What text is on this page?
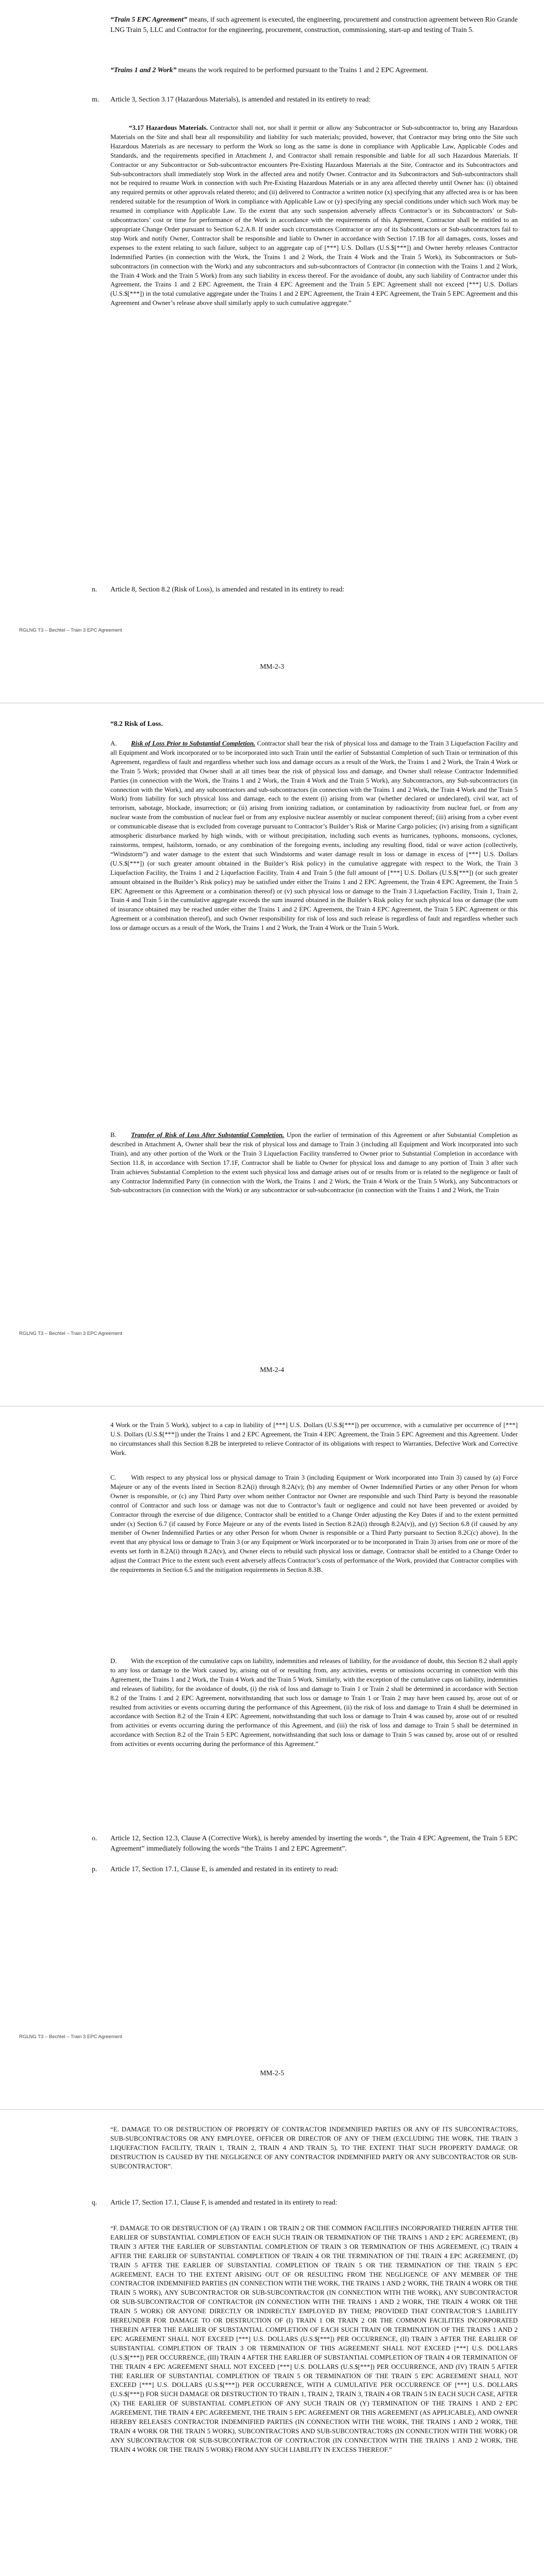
“Train 5 EPC Agreement” means, if such agreement is executed, the engineering, procurement and construction agreement between Rio Grande LNG Train 5, LLC and Contractor for the engineering, procurement, construction, commissioning, start-up and testing of Train 5.
“Trains 1 and 2 Work” means the work required to be performed pursuant to the Trains 1 and 2 EPC Agreement.
m. Article 3, Section 3.17 (Hazardous Materials), is amended and restated in its entirety to read:
“3.17 Hazardous Materials. Contractor shall not, nor shall it permit or allow any Subcontractor or Sub-subcontractor to, bring any Hazardous Materials on the Site and shall bear all responsibility and liability for such materials; provided, however, that Contractor may bring onto the Site such Hazardous Materials as are necessary to perform the Work so long as the same is done in compliance with Applicable Law, Applicable Codes and Standards, and the requirements specified in Attachment J, and Contractor shall remain responsible and liable for all such Hazardous Materials. If Contractor or any Subcontractor or Sub-subcontractor encounters Pre-Existing Hazardous Materials at the Site, Contractor and its Subcontractors and Sub-subcontractors shall immediately stop Work in the affected area and notify Owner. Contractor and its Subcontractors and Sub-subcontractors shall not be required to resume Work in connection with such Pre-Existing Hazardous Materials or in any area affected thereby until Owner has: (i) obtained any required permits or other approvals related thereto; and (ii) delivered to Contractor a written notice (x) specifying that any affected area is or has been rendered suitable for the resumption of Work in compliance with Applicable Law or (y) specifying any special conditions under which such Work may be resumed in compliance with Applicable Law. To the extent that any such suspension adversely affects Contractor’s or its Subcontractors’ or Sub-subcontractors’ cost or time for performance of the Work in accordance with the requirements of this Agreement, Contractor shall be entitled to an appropriate Change Order pursuant to Section 6.2.A.8. If under such circumstances Contractor or any of its Subcontractors or Sub-subcontractors fail to stop Work and notify Owner, Contractor shall be responsible and liable to Owner in accordance with Section 17.1B for all damages, costs, losses and expenses to the extent relating to such failure, subject to an aggregate cap of [***] U.S. Dollars (U.S.$[***]) and Owner hereby releases Contractor Indemnified Parties (in connection with the Work, the Trains 1 and 2 Work, the Train 4 Work and the Train 5 Work), its Subcontractors or Sub-subcontractors (in connection with the Work) and any subcontractors and sub-subcontractors of Contractor (in connection with the Trains 1 and 2 Work, the Train 4 Work and the Train 5 Work) from any such liability in excess thereof. For the avoidance of doubt, any such liability of Contractor under this Agreement, the Trains 1 and 2 EPC Agreement, the Train 4 EPC Agreement and the Train 5 EPC Agreement shall not exceed [***] U.S. Dollars (U.S.$[***]) in the total cumulative aggregate under the Trains 1 and 2 EPC Agreement, the Train 4 EPC Agreement, the Train 5 EPC Agreement and this Agreement and Owner’s release above shall similarly apply to such cumulative aggregate.”
n. Article 8, Section 8.2 (Risk of Loss), is amended and restated in its entirety to read:
RGLNG T3 – Bechtel – Train 3 EPC Agreement
MM-2-3
“8.2 Risk of Loss.
A. Risk of Loss Prior to Substantial Completion. Contractor shall bear the risk of physical loss and damage to the Train 3 Liquefaction Facility and all Equipment and Work incorporated or to be incorporated into such Train until the earlier of Substantial Completion of such Train or termination of this Agreement, regardless of fault and regardless whether such loss and damage occurs as a result of the Work, the Trains 1 and 2 Work, the Train 4 Work or the Train 5 Work; provided that Owner shall at all times bear the risk of physical loss and damage, and Owner shall release Contractor Indemnified Parties (in connection with the Work, the Trains 1 and 2 Work, the Train 4 Work and the Train 5 Work), any Subcontractors, any Sub-subcontractors (in connection with the Work), and any subcontractors and sub-subcontractors (in connection with the Trains 1 and 2 Work, the Train 4 Work and the Train 5 Work) from liability for such physical loss and damage, each to the extent (i) arising from war (whether declared or undeclared), civil war, act of terrorism, sabotage, blockade, insurrection; or (ii) arising from ionizing radiation, or contamination by radioactivity from nuclear fuel, or from any nuclear waste from the combustion of nuclear fuel or from any explosive nuclear assembly or nuclear component thereof; (iii) arising from a cyber event or communicable disease that is excluded from coverage pursuant to Contractor’s Builder’s Risk or Marine Cargo policies; (iv) arising from a significant atmospheric disturbance marked by high winds, with or without precipitation, including such events as hurricanes, typhoons, monsoons, cyclones, rainstorms, tempest, hailstorm, tornado, or any combination of the foregoing events, including any resulting flood, tidal or wave action (collectively, “Windstorm”) and water damage to the extent that such Windstorms and water damage result in loss or damage in excess of [***] U.S. Dollars (U.S.$[***]) (or such greater amount obtained in the Builder’s Risk policy) in the cumulative aggregate with respect to the Work, the Train 3 Liquefaction Facility, the Trains 1 and 2 Liquefaction Facility, Train 4 and Train 5 (the full amount of [***] U.S. Dollars (U.S.$[***]) (or such greater amount obtained in the Builder’s Risk policy) may be satisfied under either the Trains 1 and 2 EPC Agreement, the Train 4 EPC Agreement, the Train 5 EPC Agreement or this Agreement or a combination thereof) or (v) such physical loss or damage to the Train 3 Liquefaction Facility, Train 1, Train 2, Train 4 and Train 5 in the cumulative aggregate exceeds the sum insured obtained in the Builder’s Risk policy for such physical loss or damage (the sum of insurance obtained may be reached under either the Trains 1 and 2 EPC Agreement, the Train 4 EPC Agreement, the Train 5 EPC Agreement or this Agreement or a combination thereof), and such Owner responsibility for risk of loss and such release is regardless of fault and regardless whether such loss or damage occurs as a result of the Work, the Trains 1 and 2 Work, the Train 4 Work or the Train 5 Work.
B. Transfer of Risk of Loss After Substantial Completion. Upon the earlier of termination of this Agreement or after Substantial Completion as described in Attachment A, Owner shall bear the risk of physical loss and damage to Train 3 (including all Equipment and Work incorporated into such Train), and any other portion of the Work or the Train 3 Liquefaction Facility transferred to Owner prior to Substantial Completion in accordance with Section 11.8, in accordance with Section 17.1F, Contractor shall be liable to Owner for physical loss and damage to any portion of Train 3 after such Train achieves Substantial Completion to the extent such physical loss and damage arises out of or results from or is related to the negligence or fault of any Contractor Indemnified Party (in connection with the Work, the Trains 1 and 2 Work, the Train 4 Work or the Train 5 Work), any Subcontractors or Sub-subcontractors (in connection with the Work) or any subcontractor or sub-subcontractor (in connection with the Trains 1 and 2 Work, the Train
RGLNG T3 – Bechtel – Train 3 EPC Agreement
MM-2-4
4 Work or the Train 5 Work), subject to a cap in liability of [***] U.S. Dollars (U.S.$[***]) per occurrence, with a cumulative per occurrence of [***] U.S. Dollars (U.S.$[***]) under the Trains 1 and 2 EPC Agreement, the Train 4 EPC Agreement, the Train 5 EPC Agreement and this Agreement. Under no circumstances shall this Section 8.2B be interpreted to relieve Contractor of its obligations with respect to Warranties, Defective Work and Corrective Work.
C. With respect to any physical loss or physical damage to Train 3 (including Equipment or Work incorporated into Train 3) caused by (a) Force Majeure or any of the events listed in Section 8.2A(i) through 8.2A(v); (b) any member of Owner Indemnified Parties or any other Person for whom Owner is responsible, or (c) any Third Party over whom neither Contractor nor Owner are responsible and such Third Party is beyond the reasonable control of Contractor and such loss or damage was not due to Contractor’s fault or negligence and could not have been prevented or avoided by Contractor through the exercise of due diligence, Contractor shall be entitled to a Change Order adjusting the Key Dates if and to the extent permitted under (x) Section 6.7 (if caused by Force Majeure or any of the events listed in Section 8.2A(i) through 8.2A(v)), and (y) Section 6.8 (if caused by any member of Owner Indemnified Parties or any other Person for whom Owner is responsible or a Third Party pursuant to Section 8.2C(c) above). In the event that any physical loss or damage to Train 3 (or any Equipment or Work incorporated or to be incorporated in Train 3) arises from one or more of the events set forth in 8.2A(i) through 8.2A(v), and Owner elects to rebuild such physical loss or damage, Contractor shall be entitled to a Change Order to adjust the Contract Price to the extent such event adversely affects Contractor’s costs of performance of the Work, provided that Contractor complies with the requirements in Section 6.5 and the mitigation requirements in Section 8.3B.
D. With the exception of the cumulative caps on liability, indemnities and releases of liability, for the avoidance of doubt, this Section 8.2 shall apply to any loss or damage to the Work caused by, arising out of or resulting from, any activities, events or omissions occurring in connection with this Agreement, the Trains 1 and 2 Work, the Train 4 Work and the Train 5 Work. Similarly, with the exception of the cumulative caps on liability, indemnities and releases of liability, for the avoidance of doubt, (i) the risk of loss and damage to Train 1 or Train 2 shall be determined in accordance with Section 8.2 of the Trains 1 and 2 EPC Agreement, notwithstanding that such loss or damage to Train 1 or Train 2 may have been caused by, arose out of or resulted from activities or events occurring during the performance of this Agreement, (ii) the risk of loss and damage to Train 4 shall be determined in accordance with Section 8.2 of the Train 4 EPC Agreement, notwithstanding that such loss or damage to Train 4 was caused by, arose out of or resulted from activities or events occurring during the performance of this Agreement, and (iii) the risk of loss and damage to Train 5 shall be determined in accordance with Section 8.2 of the Train 5 EPC Agreement, notwithstanding that such loss or damage to Train 5 was caused by, arose out of or resulted from activities or events occurring during the performance of this Agreement.”
o. Article 12, Section 12.3, Clause A (Corrective Work), is hereby amended by inserting the words “, the Train 4 EPC Agreement, the Train 5 EPC Agreement” immediately following the words “the Trains 1 and 2 EPC Agreement”.
p. Article 17, Section 17.1, Clause E, is amended and restated in its entirety to read:
RGLNG T3 – Bechtel – Train 3 EPC Agreement
MM-2-5
“E. DAMAGE TO OR DESTRUCTION OF PROPERTY OF CONTRACTOR INDEMNIFIED PARTIES OR ANY OF ITS SUBCONTRACTORS, SUB-SUBCONTRACTORS OR ANY EMPLOYEE, OFFICER OR DIRECTOR OF ANY OF THEM (EXCLUDING THE WORK, THE TRAIN 3 LIQUEFACTION FACILITY, TRAIN 1, TRAIN 2, TRAIN 4 AND TRAIN 5), TO THE EXTENT THAT SUCH PROPERTY DAMAGE OR DESTRUCTION IS CAUSED BY THE NEGLIGENCE OF ANY CONTRACTOR INDEMNIFIED PARTY OR ANY SUBCONTRACTOR OR SUB-SUBCONTRACTOR”.
q. Article 17, Section 17.1, Clause F, is amended and restated in its entirety to read:
“F. DAMAGE TO OR DESTRUCTION OF (A) TRAIN 1 OR TRAIN 2 OR THE COMMON FACILITIES INCORPORATED THEREIN AFTER THE EARLIER OF SUBSTANTIAL COMPLETION OF EACH SUCH TRAIN OR TERMINATION OF THE TRAINS 1 AND 2 EPC AGREEMENT, (B) TRAIN 3 AFTER THE EARLIER OF SUBSTANTIAL COMPLETION OF TRAIN 3 OR TERMINATION OF THIS AGREEMENT, (C) TRAIN 4 AFTER THE EARLIER OF SUBSTANTIAL COMPLETION OF TRAIN 4 OR THE TERMINATION OF THE TRAIN 4 EPC AGREEMENT, (D) TRAIN 5 AFTER THE EARLIER OF SUBSTANTIAL COMPLETION OF TRAIN 5 OR THE TERMINATION OF THE TRAIN 5 EPC AGREEMENT, EACH TO THE EXTENT ARISING OUT OF OR RESULTING FROM THE NEGLIGENCE OF ANY MEMBER OF THE CONTRACTOR INDEMNIFIED PARTIES (IN CONNECTION WITH THE WORK, THE TRAINS 1 AND 2 WORK, THE TRAIN 4 WORK OR THE TRAIN 5 WORK), ANY SUBCONTRACTOR OR SUB-SUBCONTRACTOR (IN CONNECTION WITH THE WORK), ANY SUBCONTRACTOR OR SUB-SUBCONTRACTOR OF CONTRACTOR (IN CONNECTION WITH THE TRAINS 1 AND 2 WORK, THE TRAIN 4 WORK OR THE TRAIN 5 WORK) OR ANYONE DIRECTLY OR INDIRECTLY EMPLOYED BY THEM; PROVIDED THAT CONTRACTOR’S LIABILITY HEREUNDER FOR DAMAGE TO OR DESTRUCTION OF (I) TRAIN 1 OR TRAIN 2 OR THE COMMON FACILITIES INCORPORATED THEREIN AFTER THE EARLIER OF SUBSTANTIAL COMPLETION OF EACH SUCH TRAIN OR TERMINATION OF THE TRAINS 1 AND 2 EPC AGREEMENT SHALL NOT EXCEED [***] U.S. DOLLARS (U.S.$[***]) PER OCCURRENCE, (II) TRAIN 3 AFTER THE EARLIER OF SUBSTANTIAL COMPLETION OF TRAIN 3 OR TERMINATION OF THIS AGREEMENT SHALL NOT EXCEED [***] U.S. DOLLARS (U.S.$[***]) PER OCCURRENCE, (III) TRAIN 4 AFTER THE EARLIER OF SUBSTANTIAL COMPLETION OF TRAIN 4 OR TERMINATION OF THE TRAIN 4 EPC AGREEMENT SHALL NOT EXCEED [***] U.S. DOLLARS (U.S.$[***]) PER OCCURRENCE, AND (IV) TRAIN 5 AFTER THE EARLIER OF SUBSTANTIAL COMPLETION OF TRAIN 5 OR TERMINATION OF THE TRAIN 5 EPC AGREEMENT SHALL NOT EXCEED [***] U.S. DOLLARS (U.S.$[***]) PER OCCURRENCE, WITH A CUMULATIVE PER OCCURRENCE OF [***] U.S. DOLLARS (U.S.$[***]) FOR SUCH DAMAGE OR DESTRUCTION TO TRAIN 1, TRAIN 2, TRAIN 3, TRAIN 4 OR TRAIN 5 IN EACH SUCH CASE, AFTER (X) THE EARLIER OF SUBSTANTIAL COMPLETION OF ANY SUCH TRAIN OR (Y) TERMINATION OF THE TRAINS 1 AND 2 EPC AGREEMENT, THE TRAIN 4 EPC AGREEMENT, THE TRAIN 5 EPC AGREEMENT OR THIS AGREEMENT (AS APPLICABLE), AND OWNER HEREBY RELEASES CONTRACTOR INDEMNIFIED PARTIES (IN CONNECTION WITH THE WORK, THE TRAINS 1 AND 2 WORK, THE TRAIN 4 WORK OR THE TRAIN 5 WORK), SUBCONTRACTORS AND SUB-SUBCONTRACTORS (IN CONNECTION WITH THE WORK) OR ANY SUBCONTRACTOR OR SUB-SUBCONTRACTOR OF CONTRACTOR (IN CONNECTION WITH THE TRAINS 1 AND 2 WORK, THE TRAIN 4 WORK OR THE TRAIN 5 WORK) FROM ANY SUCH LIABILITY IN EXCESS THEREOF.”
